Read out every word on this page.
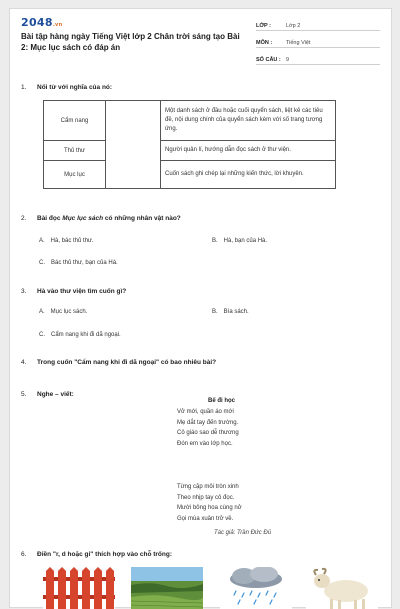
2048.vn
Bài tập hàng ngày Tiếng Việt lớp 2 Chân trời sáng tạo Bài 2: Mục lục sách có đáp án
LỚP :	Lớp 2
MÔN :	Tiếng Việt
SỐ CÂU : 9
1.	Nối từ với nghĩa của nó:
Cẩm nang		Một danh sách ở đầu hoặc cuối quyển sách, liệt kê các tiêu đề, nội dung chính của quyển sách kèm với số trang tương ứng.
Thủ thư		Người quản lí, hướng dẫn đọc sách ở thư viện.
Mục lục		Cuốn sách ghi chép lại những kiến thức, lời khuyên.
2.	Bài đọc Mục lục sách có những nhân vật nào?
A. Hà, bác thủ thư.	B. Hà, bạn của Hà.
C. Bác thủ thư, bạn của Hà.
3.	Hà vào thư viện tìm cuốn gì?
A. Mục lục sách.	B. Bìa sách.
C. Cẩm nang khi đi dã ngoại.
4.	Trong cuốn "Cẩm nang khi đi dã ngoại" có bao nhiêu bài?
5.	Nghe – viết:
Bế đi học
Vở mới, quần áo mới
Mẹ dắt tay đến trường.
Cô giáo sao dễ thương
Đón em vào lớp học.
Từng cặp môi tròn xinh
Theo nhịp tay cô đọc.
Mười bông hoa cùng nở
Gọi mùa xuân trở về.
Tác giả: Trần Đức Đủ
6.	Điền "r, d hoặc gi" thích hợp vào chỗ trống:
